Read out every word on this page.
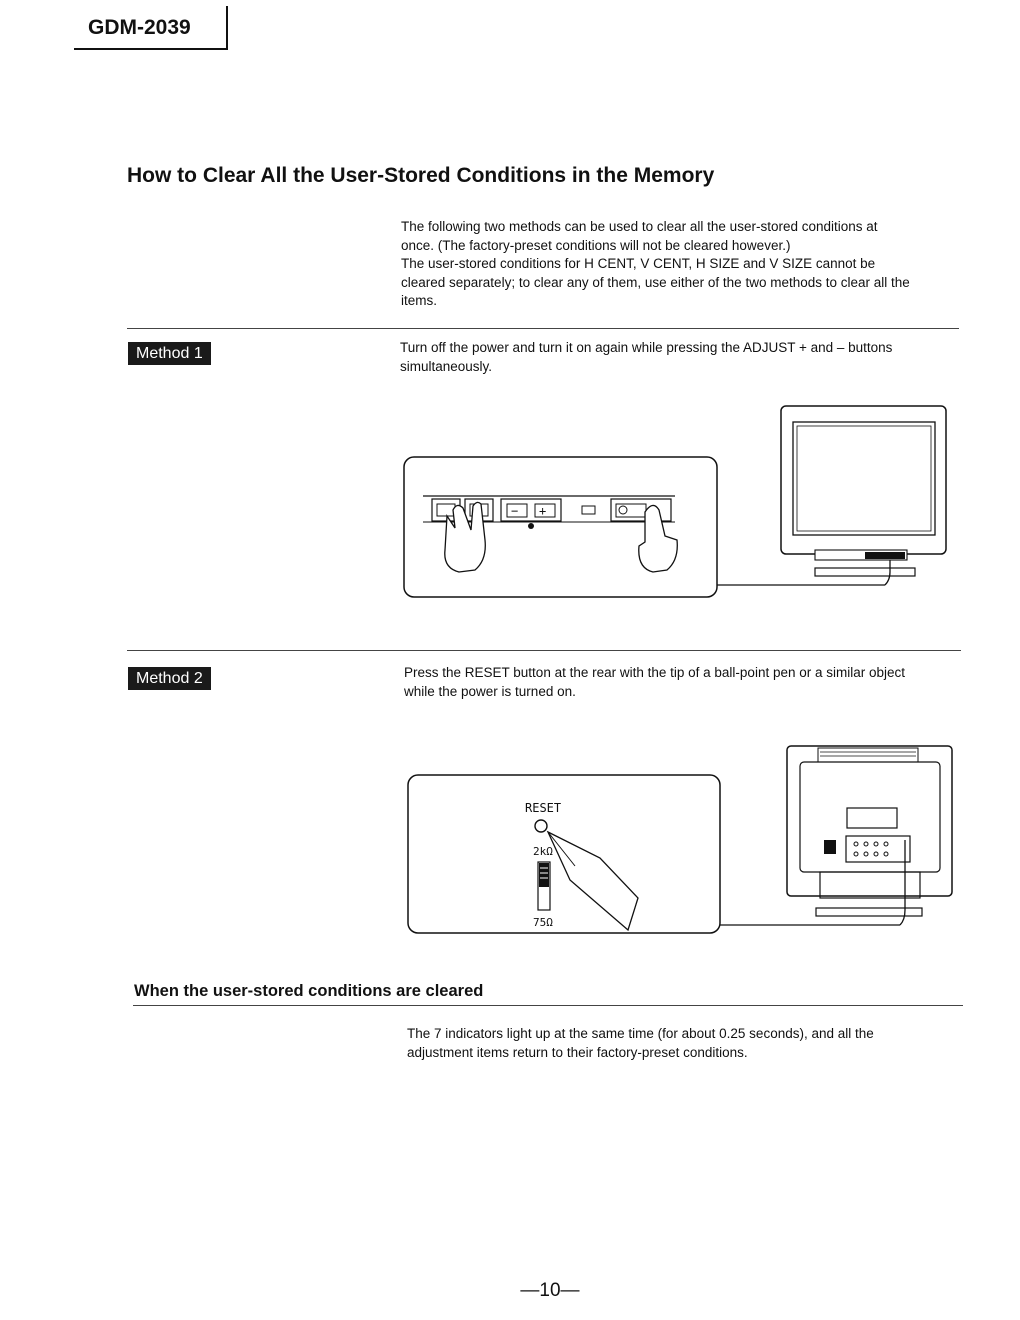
GDM-2039
How to Clear All the User-Stored Conditions in the Memory
The following two methods can be used to clear all the user-stored conditions at
once. (The factory-preset conditions will not be cleared however.)
The user-stored conditions for H CENT, V CENT, H SIZE and V SIZE cannot be
cleared separately; to clear any of them, use either of the two methods to clear all the
items.
Method 1	Turn off the power and turn it on again while pressing the ADJUST + and – buttons
simultaneously.
− +
Method 2	Press the RESET button at the rear with the tip of a ball-point pen or a similar object
while the power is turned on.
RESET
2kΩ
75Ω
When the user-stored conditions are cleared
The 7 indicators light up at the same time (for about 0.25 seconds), and all the
adjustment items return to their factory-preset conditions.
—10—
